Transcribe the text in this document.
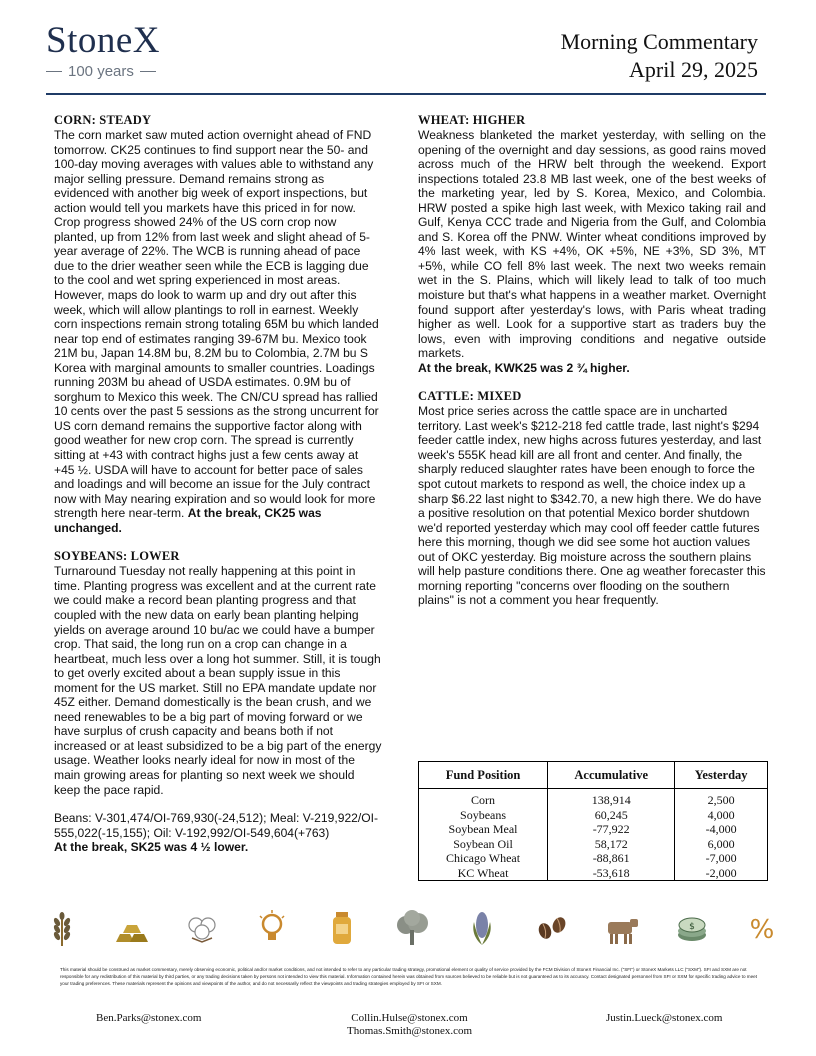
StoneX
100 years
Morning Commentary
April 29, 2025

CORN: STEADY

The corn market saw muted action overnight ahead of FND tomorrow. CK25 continues to find support near the 50- and 100-day moving averages with values able to withstand any major selling pressure. Demand remains strong as evidenced with another big week of export inspections, but action would tell you markets have this priced in for now. Crop progress showed 24% of the US corn crop now planted, up from 12% from last week and slight ahead of 5-year average of 22%. The WCB is running ahead of pace due to the drier weather seen while the ECB is lagging due to the cool and wet spring experienced in most areas. However, maps do look to warm up and dry out after this week, which will allow plantings to roll in earnest. Weekly corn inspections remain strong totaling 65M bu which landed near top end of estimates ranging 39-67M bu. Mexico took 21M bu, Japan 14.8M bu, 8.2M bu to Colombia, 2.7M bu S Korea with marginal amounts to smaller countries. Loadings running 203M bu ahead of USDA estimates. 0.9M bu of sorghum to Mexico this week. The CN/CU spread has rallied 10 cents over the past 5 sessions as the strong uncurrent for US corn demand remains the supportive factor along with good weather for new crop corn. The spread is currently sitting at +43 with contract highs just a few cents away at +45 ½. USDA will have to account for better pace of sales and loadings and will become an issue for the July contract now with May nearing expiration and so would look for more strength here near-term. At the break, CK25 was unchanged.

SOYBEANS: LOWER

Turnaround Tuesday not really happening at this point in time. Planting progress was excellent and at the current rate we could make a record bean planting progress and that coupled with the new data on early bean planting helping yields on average around 10 bu/ac we could have a bumper crop. That said, the long run on a crop can change in a heartbeat, much less over a long hot summer. Still, it is tough to get overly excited about a bean supply issue in this moment for the US market. Still no EPA mandate update nor 45Z either. Demand domestically is the bean crush, and we need renewables to be a big part of moving forward or we have surplus of crush capacity and beans both if not increased or at least subsidized to be a big part of the energy usage. Weather looks nearly ideal for now in most of the main growing areas for planting so next week we should keep the pace rapid.

Beans: V-301,474/OI-769,930(-24,512); Meal: V-219,922/OI-555,022(-15,155); Oil: V-192,992/OI-549,604(+763)

At the break, SK25 was 4 ½ lower.

WHEAT: HIGHER

Weakness blanketed the market yesterday, with selling on the opening of the overnight and day sessions, as good rains moved across much of the HRW belt through the weekend. Export inspections totaled 23.8 MB last week, one of the best weeks of the marketing year, led by S. Korea, Mexico, and Colombia. HRW posted a spike high last week, with Mexico taking rail and Gulf, Kenya CCC trade and Nigeria from the Gulf, and Colombia and S. Korea off the PNW. Winter wheat conditions improved by 4% last week, with KS +4%, OK +5%, NE +3%, SD 3%, MT +5%, while CO fell 8% last week. The next two weeks remain wet in the S. Plains, which will likely lead to talk of too much moisture but that's what happens in a weather market. Overnight found support after yesterday's lows, with Paris wheat trading higher as well. Look for a supportive start as traders buy the lows, even with improving conditions and negative outside markets.

At the break, KWK25 was 2 ¾ higher.

CATTLE: MIXED

Most price series across the cattle space are in uncharted territory. Last week's $212-218 fed cattle trade, last night's $294 feeder cattle index, new highs across futures yesterday, and last week's 555K head kill are all front and center. And finally, the sharply reduced slaughter rates have been enough to force the spot cutout markets to respond as well, the choice index up a sharp $6.22 last night to $342.70, a new high there. We do have a positive resolution on that potential Mexico border shutdown we'd reported yesterday which may cool off feeder cattle futures here this morning, though we did see some hot auction values out of OKC yesterday. Big moisture across the southern plains will help pasture conditions there. One ag weather forecaster this morning reporting "concerns over flooding on the southern plains" is not a comment you hear frequently.

Fund Position	Accumulative	Yesterday
Corn	138,914	2,500
Soybeans	60,245	4,000
Soybean Meal	-77,922	-4,000
Soybean Oil	58,172	6,000
Chicago Wheat	-88,861	-7,000
KC Wheat	-53,618	-2,000
$ %
This material should be construed as market commentary, merely observing economic, political and/or market conditions, and not intended to refer to any particular trading strategy, promotional element or quality of service provided by the FCM Division of StoneX Financial Inc. ("SFI") or StoneX Markets LLC ("SXM"). SFI and SXM are not responsible for any redistribution of this material by third parties, or any trading decisions taken by persons not intended to view this material. Information contained herein was obtained from sources believed to be reliable but is not guaranteed as to its accuracy. Contact designated personnel from SFI or SXM for specific trading advice to meet your trading preferences. These materials represent the opinions and viewpoints of the author, and do not necessarily reflect the viewpoints and trading strategies employed by SFI or SXM.
Ben.Parks@stonex.com	Collin.Hulse@stonex.com
Thomas.Smith@stonex.com
Justin.Lueck@stonex.com
